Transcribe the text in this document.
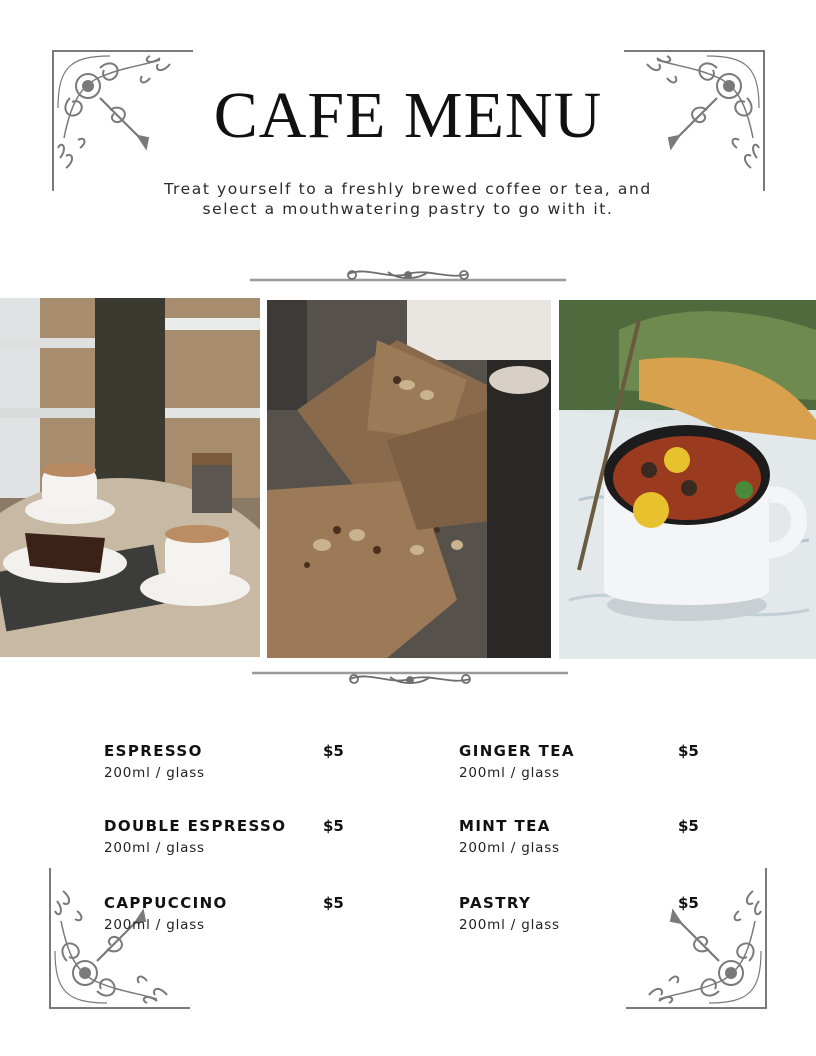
CAFE MENU
Treat yourself to a freshly brewed coffee or tea, and
select a mouthwatering pastry to go with it.
ESPRESSO	$5
200ml / glass
DOUBLE ESPRESSO $5
200ml / glass
CAPPUCCINO	$5
200ml / glass
GINGER TEA	$5
200ml / glass
MINT TEA	$5
200ml / glass
PASTRY	$5
200ml / glass
